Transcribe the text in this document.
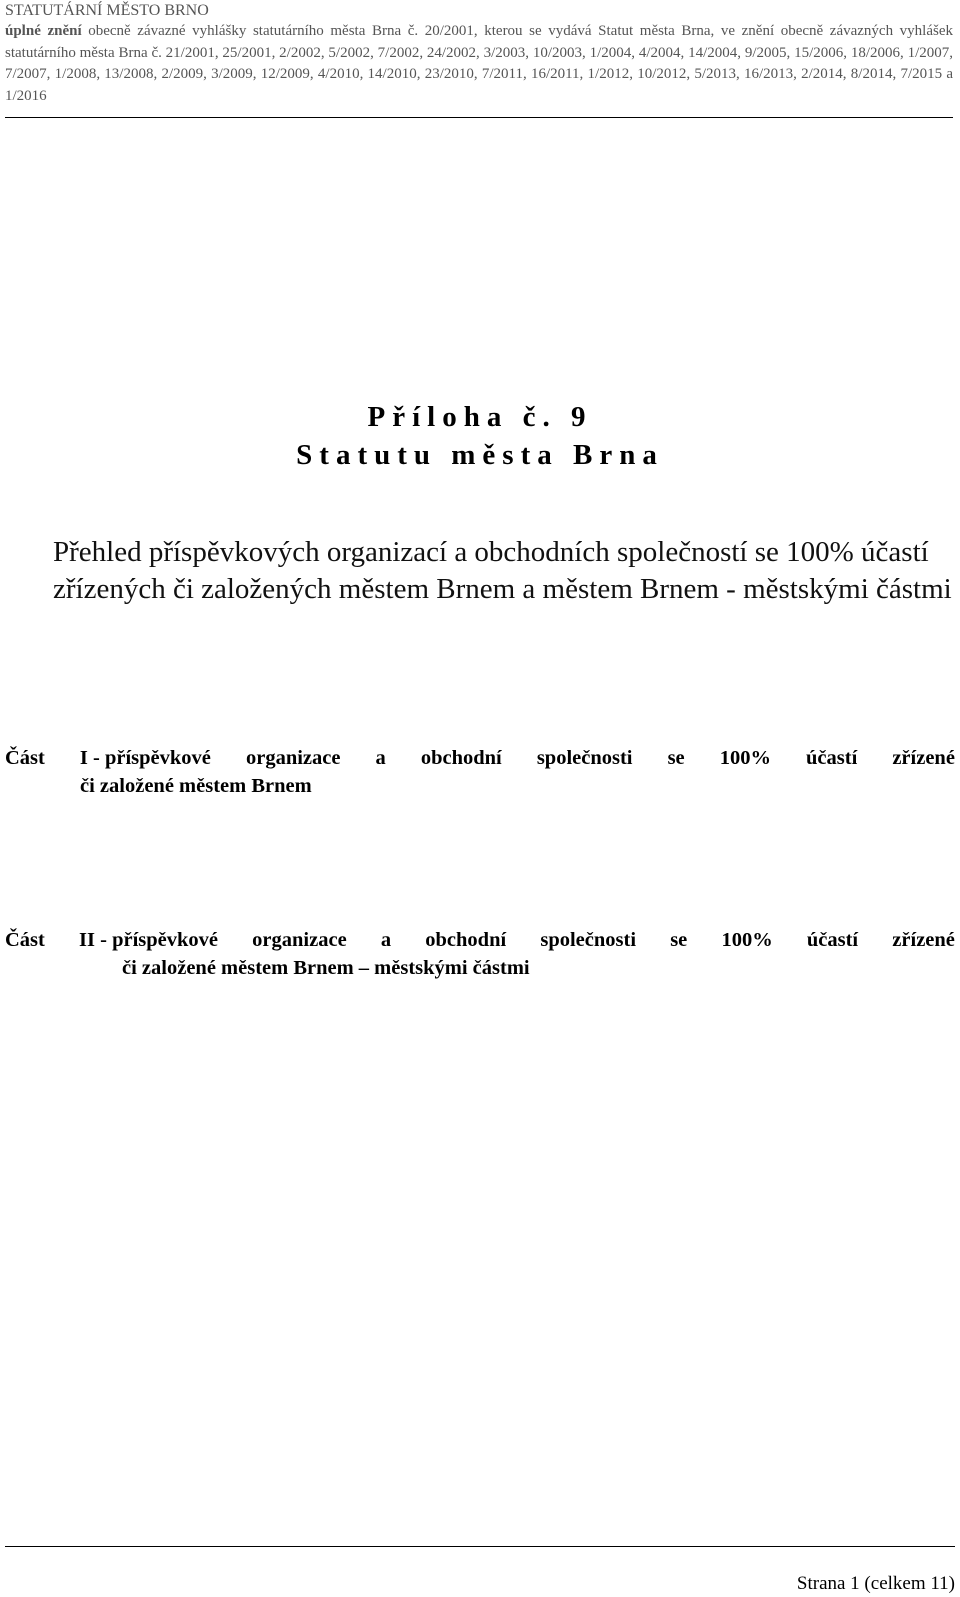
STATUTÁRNÍ MĚSTO BRNO
úplné znění obecně závazné vyhlášky statutárního města Brna č. 20/2001, kterou se vydává Statut města Brna, ve znění obecně závazných vyhlášek statutárního města Brna č. 21/2001, 25/2001, 2/2002, 5/2002, 7/2002, 24/2002, 3/2003, 10/2003, 1/2004, 4/2004, 14/2004, 9/2005, 15/2006, 18/2006, 1/2007, 7/2007, 1/2008, 13/2008, 2/2009, 3/2009, 12/2009, 4/2010, 14/2010, 23/2010, 7/2011, 16/2011, 1/2012, 10/2012, 5/2013, 16/2013, 2/2014, 8/2014, 7/2015 a 1/2016
Příloha č. 9
Statutu města Brna
Přehled příspěvkových organizací a obchodních společností se 100% účastí zřízených či založených městem Brnem a městem Brnem - městskými částmi
Část I - příspěvkové organizace a obchodní společnosti se 100% účastí zřízené
či založené městem Brnem
Část II - příspěvkové organizace a obchodní společnosti se 100% účastí zřízené
či založené městem Brnem – městskými částmi
Strana 1 (celkem 11)
